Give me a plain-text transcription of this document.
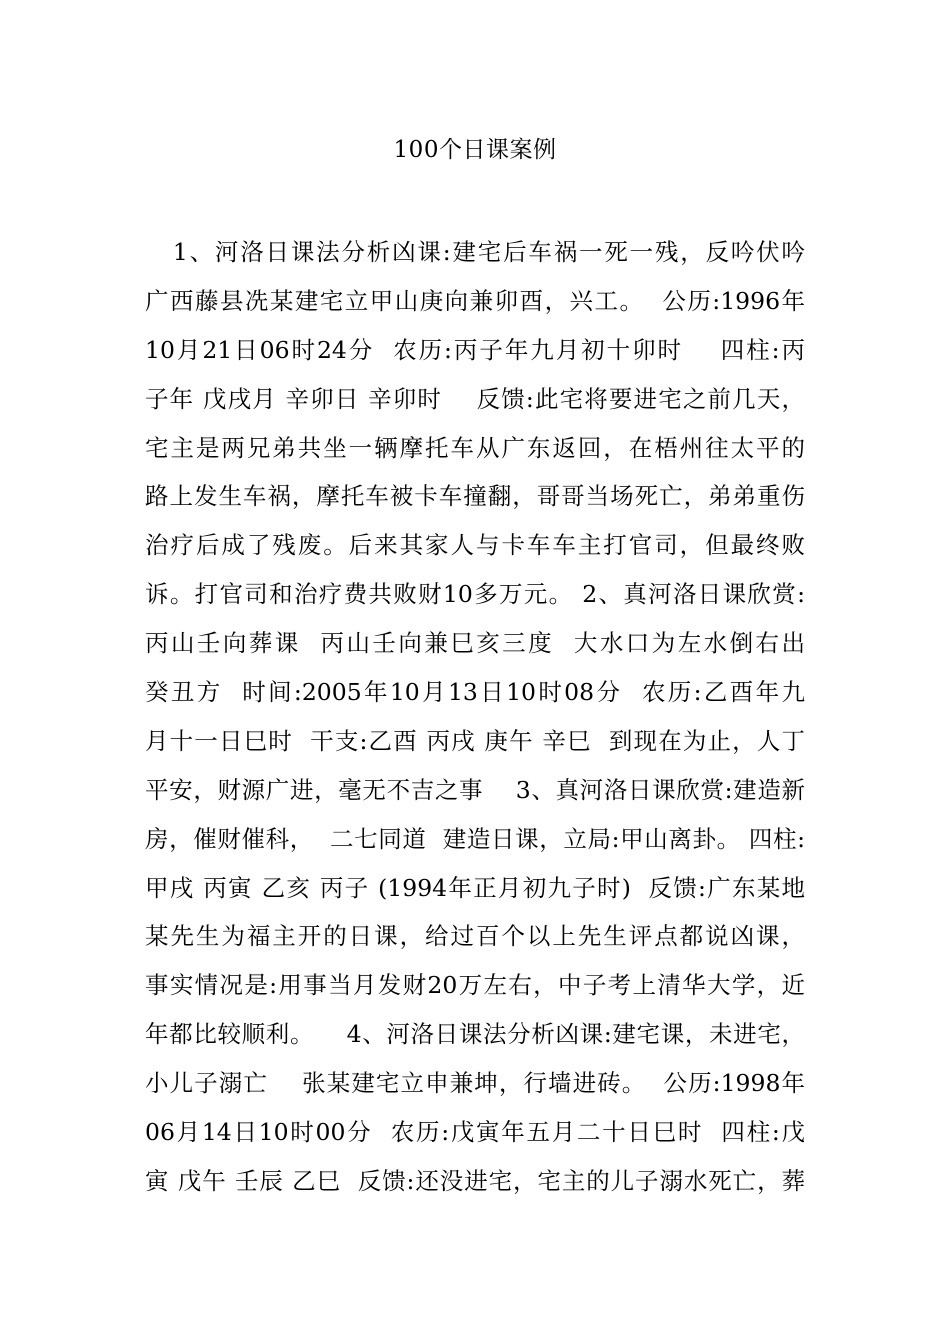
100个日课案例
1、河洛日课法分析凶课:建宅后车祸一死一残，反吟伏吟
广西藤县冼某建宅立甲山庚向兼卯酉，兴工。  公历:1996年
10月21日06时24分  农历:丙子年九月初十卯时    四柱:丙
子年 戊戌月 辛卯日 辛卯时    反馈:此宅将要进宅之前几天，
宅主是两兄弟共坐一辆摩托车从广东返回，在梧州往太平的
路上发生车祸，摩托车被卡车撞翻，哥哥当场死亡，弟弟重伤
治疗后成了残废。后来其家人与卡车车主打官司，但最终败
诉。打官司和治疗费共败财10多万元。 2、真河洛日课欣赏:
丙山壬向葬课  丙山壬向兼巳亥三度  大水口为左水倒右出
癸丑方  时间:2005年10月13日10时08分  农历:乙酉年九
月十一日巳时  干支:乙酉 丙戌 庚午 辛巳  到现在为止，人丁
平安，财源广进，毫无不吉之事    3、真河洛日课欣赏:建造新
房，催财催科，  二七同道  建造日课，立局:甲山离卦。 四柱:
甲戌 丙寅 乙亥 丙子 (1994年正月初九子时)  反馈:广东某地
某先生为福主开的日课，给过百个以上先生评点都说凶课，
事实情况是:用事当月发财20万左右，中子考上清华大学，近
年都比较顺利。    4、河洛日课法分析凶课:建宅课，未进宅，
小儿子溺亡    张某建宅立申兼坤，行墙进砖。  公历:1998年
06月14日10时00分  农历:戊寅年五月二十日巳时  四柱:戊
寅 戊午 壬辰 乙巳  反馈:还没进宅，宅主的儿子溺水死亡，葬
